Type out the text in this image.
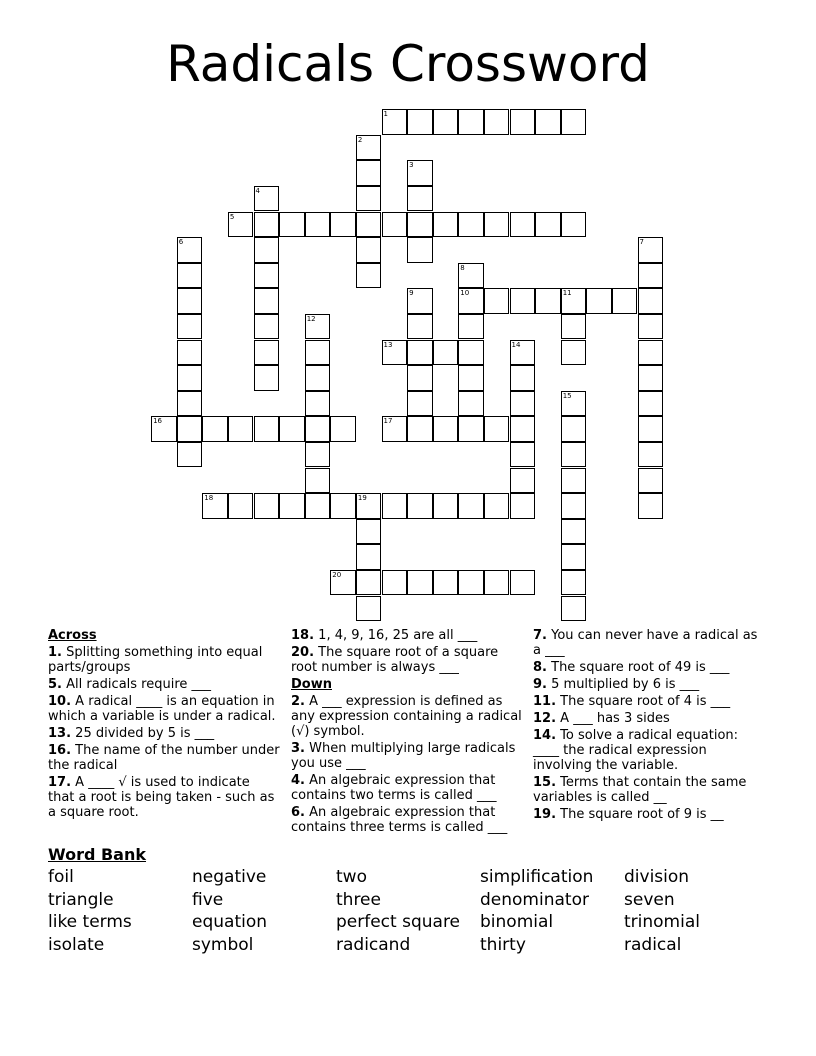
Radicals Crossword
1
5
10	11
13
16	17
18	19
20
2
3
4
6	7
8
9
12
14
15
Across
1. Splitting something into equal parts/groups
5. All radicals require ___
10. A radical ____ is an equation in which a variable is under a radical.
13. 25 divided by 5 is ___
16. The name of the number under the radical
17. A ____ √ is used to indicate that a root is being taken - such as a square root.
18. 1, 4, 9, 16, 25 are all ___
20. The square root of a square root number is always ___
Down
2. A ___ expression is defined as any expression containing a radical (√) symbol.
3. When multiplying large radicals you use ___
4. An algebraic expression that contains two terms is called ___
6. An algebraic expression that contains three terms is called ___
7. You can never have a radical as a ___
8. The square root of 49 is ___
9. 5 multiplied by 6 is ___
11. The square root of 4 is ___
12. A ___ has 3 sides
14. To solve a radical equation: ____ the radical expression involving the variable.
15. Terms that contain the same variables is called __
19. The square root of 9 is __
Word Bank
foil	negative	two	simplification	division
triangle	five	three	denominator	seven
like terms	equation	perfect square	binomial	trinomial
isolate	symbol	radicand	thirty	radical
